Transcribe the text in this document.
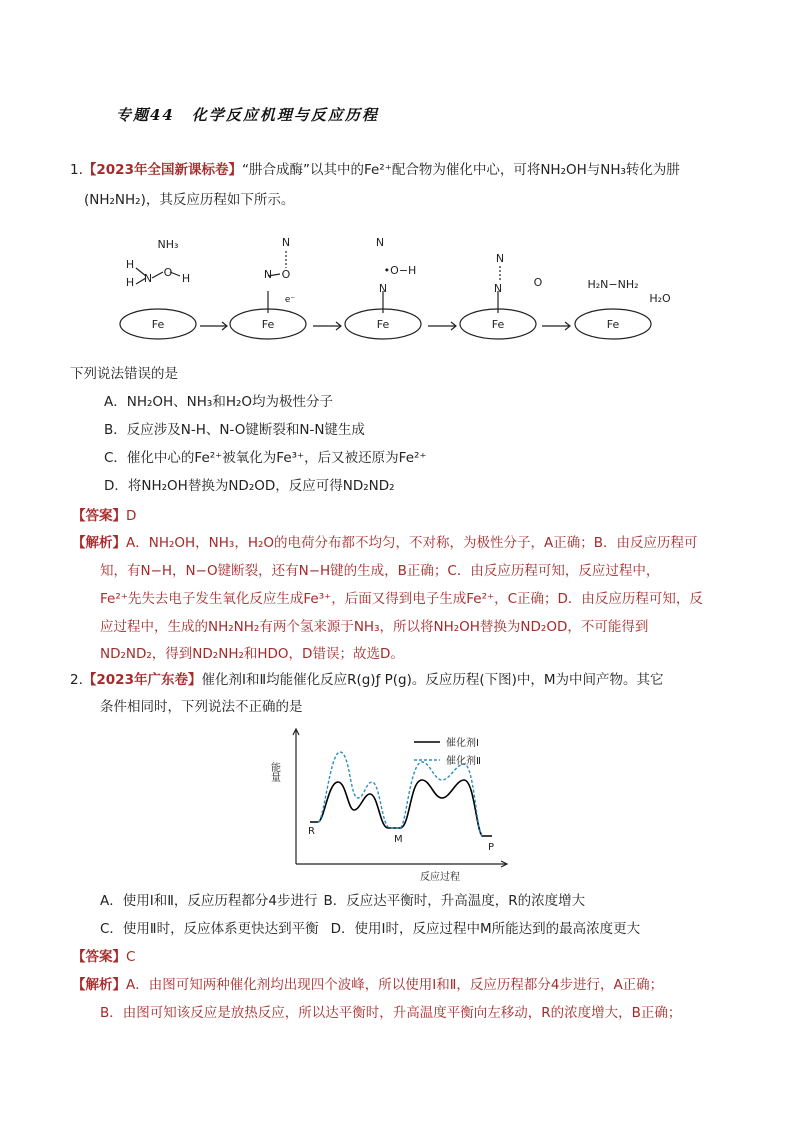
专题44　化学反应机理与反应历程
1.【2023年全国新课标卷】“肼合成酶”以其中的Fe²⁺配合物为催化中心，可将NH₂OH与NH₃转化为肼
(NH₂NH₂)，其反应历程如下所示。
NH₃
H
H N O H
Fe	Fe	Fe	Fe	Fe
N
N O
e⁻
N
•O−H
N
N
N	O	H₂N−NH₂
H₂O
下列说法错误的是
A．NH₂OH、NH₃和H₂O均为极性分子
B．反应涉及N-H、N-O键断裂和N-N键生成
C．催化中心的Fe²⁺被氧化为Fe³⁺，后又被还原为Fe²⁺
D．将NH₂OH替换为ND₂OD，反应可得ND₂ND₂
【答案】D
【解析】A．NH₂OH，NH₃，H₂O的电荷分布都不均匀，不对称，为极性分子，A正确；B．由反应历程可
知，有N−H，N−O键断裂，还有N−H键的生成，B正确；C．由反应历程可知，反应过程中，
Fe²⁺先失去电子发生氧化反应生成Fe³⁺，后面又得到电子生成Fe²⁺，C正确；D．由反应历程可知，反
应过程中，生成的NH₂NH₂有两个氢来源于NH₃，所以将NH₂OH替换为ND₂OD，不可能得到
ND₂ND₂，得到ND₂NH₂和HDO，D错误；故选D。
2.【2023年广东卷】催化剂Ⅰ和Ⅱ均能催化反应R(g)ƒ P(g)。反应历程(下图)中，M为中间产物。其它
条件相同时，下列说法不正确的是
能量
反应过程
R
M
P
催化剂Ⅰ
催化剂Ⅱ
A．使用Ⅰ和Ⅱ，反应历程都分4步进行 B．反应达平衡时，升高温度，R的浓度增大
C．使用Ⅱ时，反应体系更快达到平衡 D．使用Ⅰ时，反应过程中M所能达到的最高浓度更大
【答案】C
【解析】A．由图可知两种催化剂均出现四个波峰，所以使用Ⅰ和Ⅱ，反应历程都分4步进行，A正确；
B．由图可知该反应是放热反应，所以达平衡时，升高温度平衡向左移动，R的浓度增大，B正确；
